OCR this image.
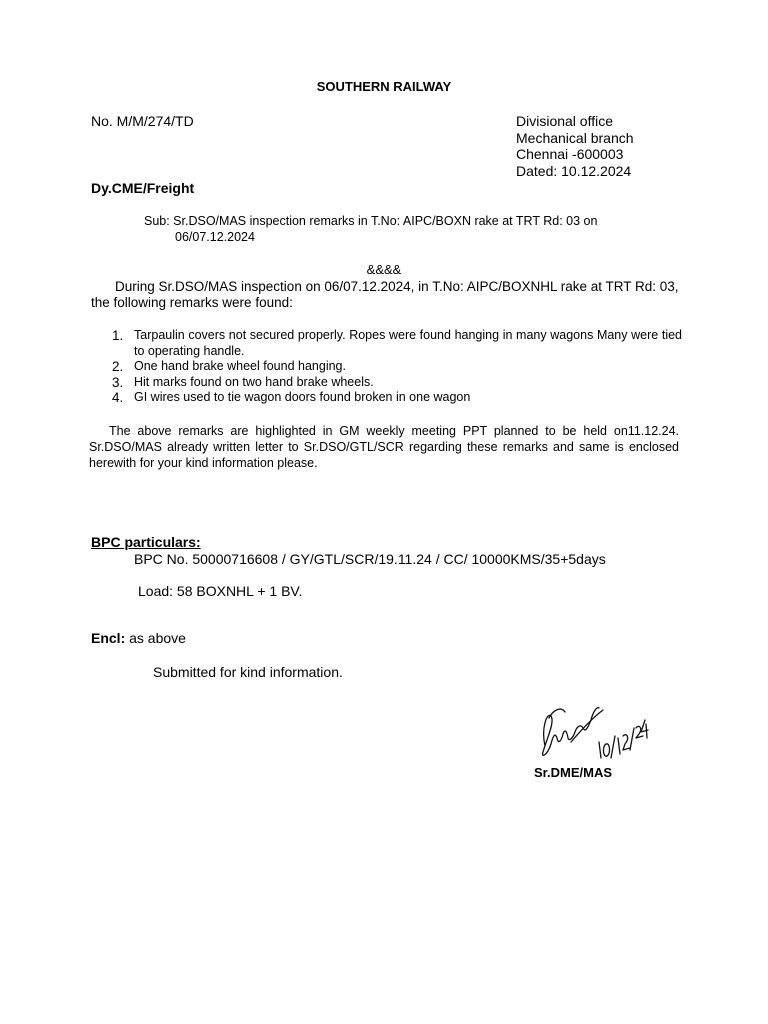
SOUTHERN RAILWAY
No. M/M/274/TD	Divisional office
Mechanical branch
Chennai -600003
Dated: 10.12.2024
Dy.CME/Freight
Sub: Sr.DSO/MAS inspection remarks in T.No: AIPC/BOXN rake at TRT Rd: 03 on
06/07.12.2024
&&&&
During Sr.DSO/MAS inspection on 06/07.12.2024, in T.No: AIPC/BOXNHL rake at TRT Rd: 03,
the following remarks were found:
1. Tarpaulin covers not secured properly. Ropes were found hanging in many wagons Many were tied to operating handle.
2. One hand brake wheel found hanging.
3. Hit marks found on two hand brake wheels.
4. GI wires used to tie wagon doors found broken in one wagon
The above remarks are highlighted in GM weekly meeting PPT planned to be held on11.12.24. Sr.DSO/MAS already written letter to Sr.DSO/GTL/SCR regarding these remarks and same is enclosed herewith for your kind information please.
BPC particulars:
BPC No. 50000716608 / GY/GTL/SCR/19.11.24 / CC/ 10000KMS/35+5days
Load: 58 BOXNHL + 1 BV.
Encl: as above
Submitted for kind information.
Sr.DME/MAS
